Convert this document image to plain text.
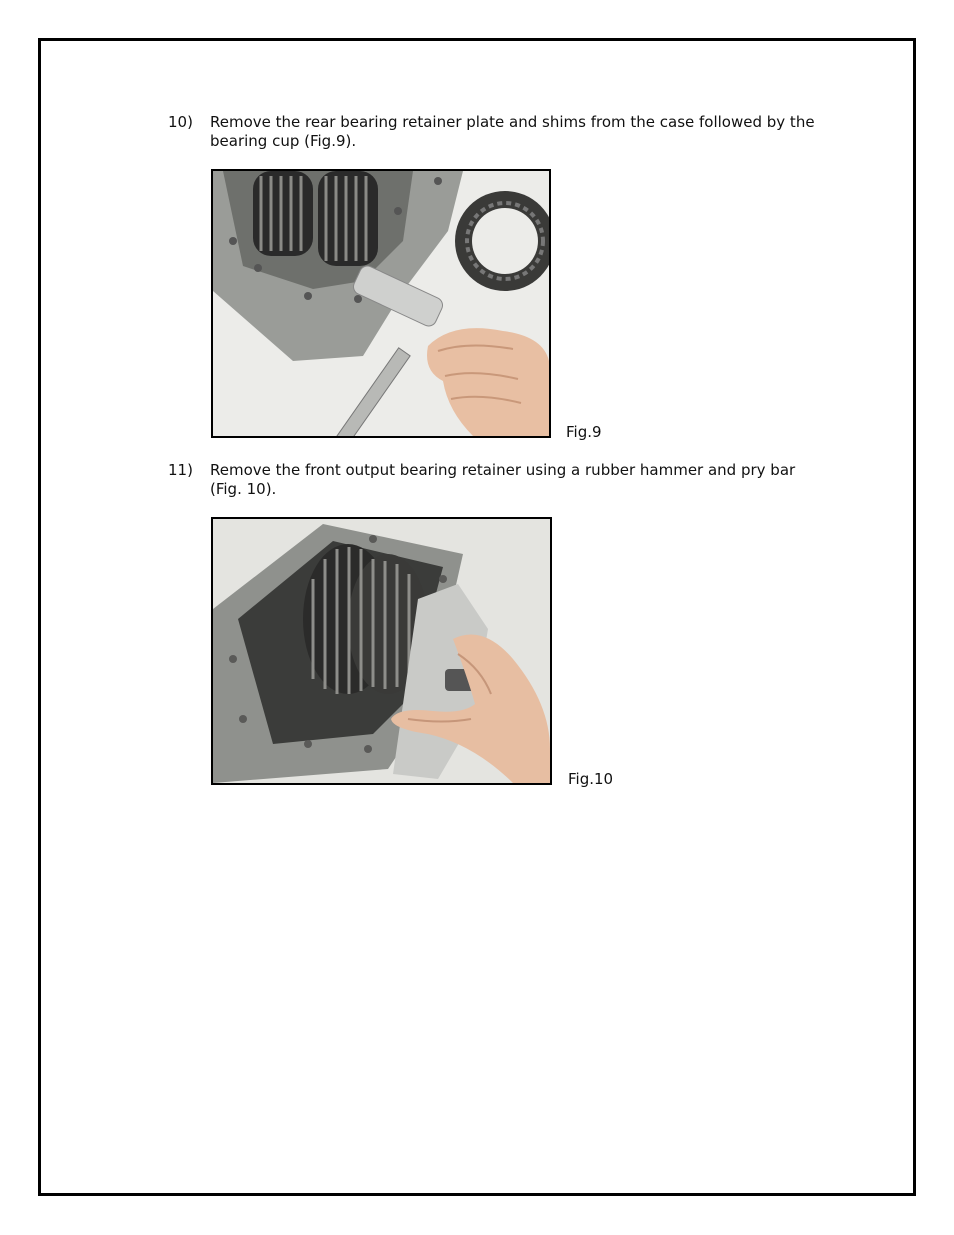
10)	Remove the rear bearing retainer plate and shims from the case followed by the bearing cup (Fig.9).
Fig.9
11)	Remove the front output bearing retainer using a rubber hammer and pry bar (Fig. 10).
Fig.10
